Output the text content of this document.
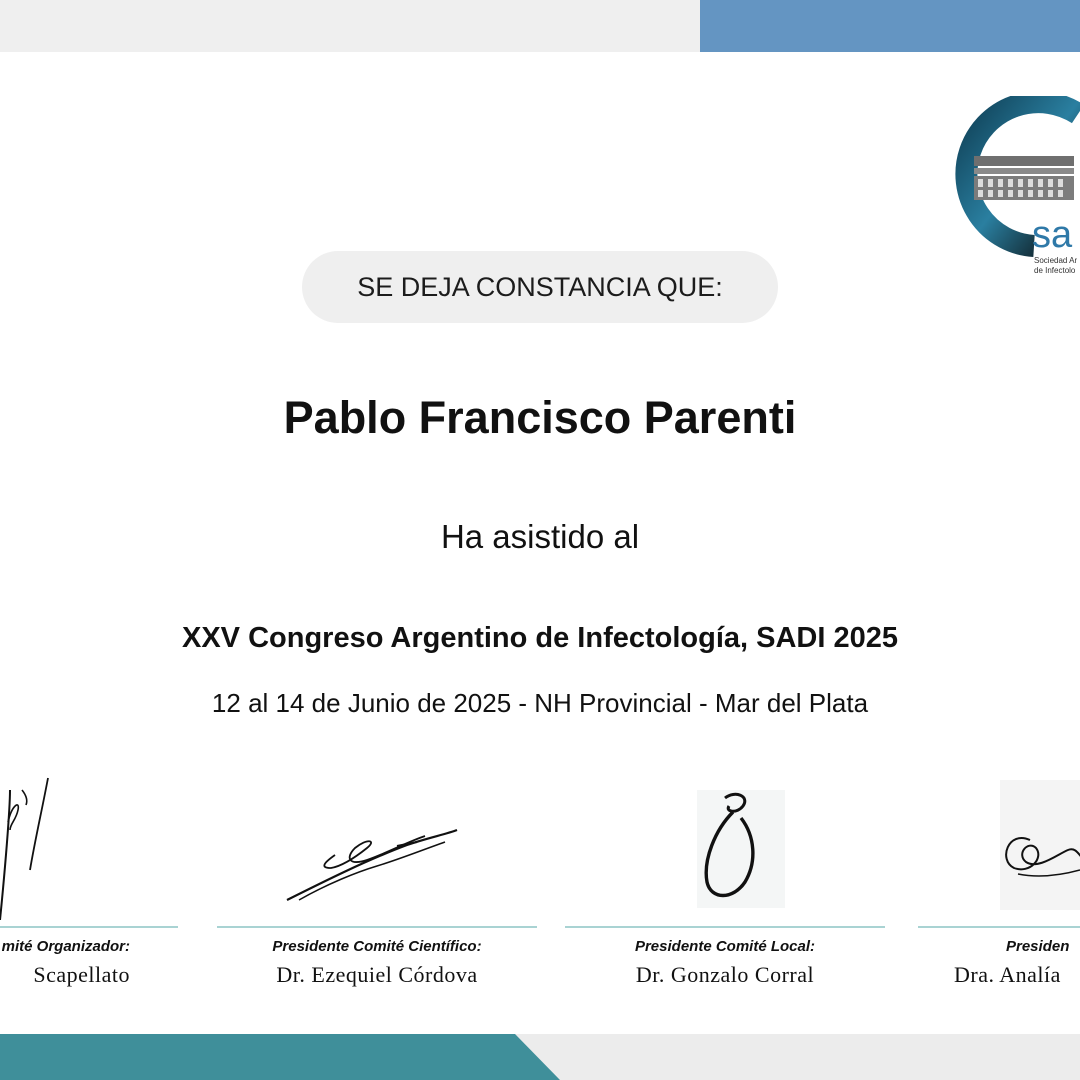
sa
Sociedad Ar
de Infectolo
SE DEJA CONSTANCIA QUE:
Pablo Francisco Parenti
Ha asistido al
XXV Congreso Argentino de Infectología, SADI 2025
12 al 14 de Junio de 2025 - NH Provincial - Mar del Plata
mité Organizador:
Scapellato
Presidente Comité Científico:
Dr. Ezequiel Córdova
Presidente Comité Local:
Dr. Gonzalo Corral
Presiden
Dra. Analía
